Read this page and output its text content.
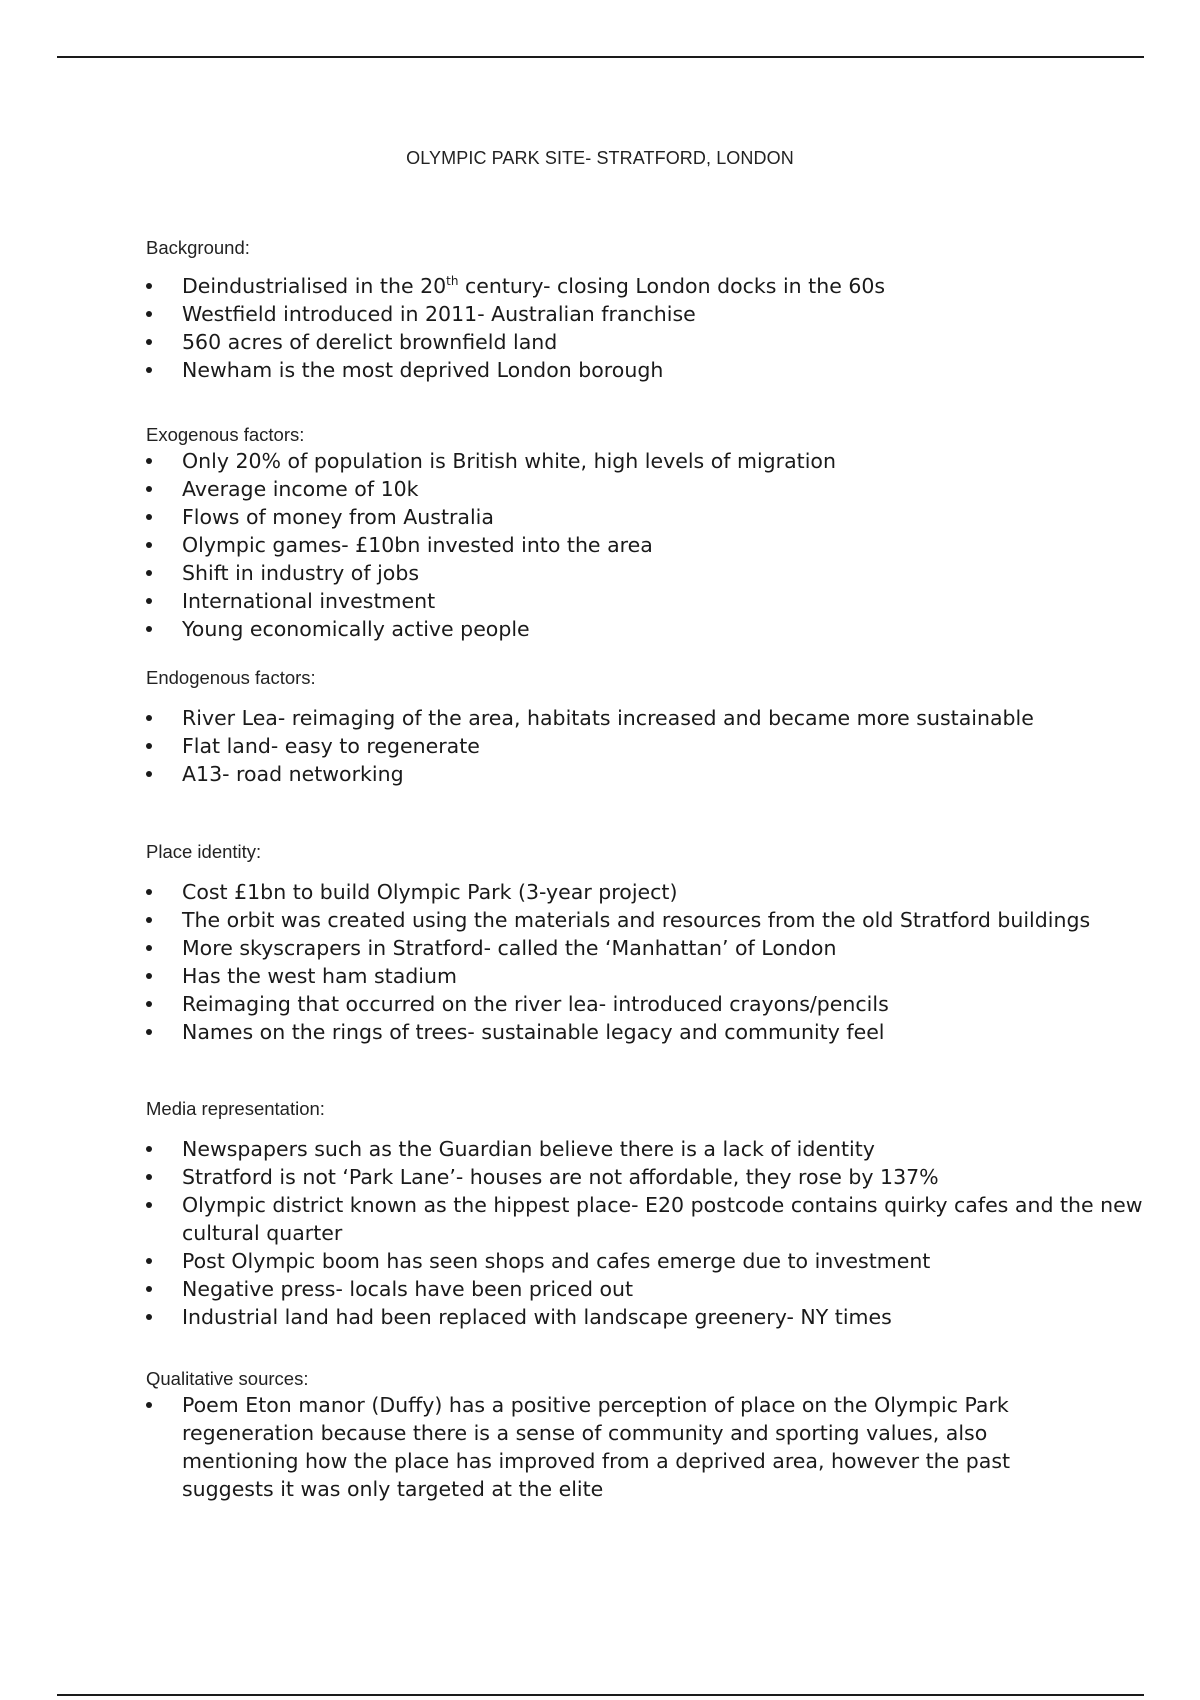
OLYMPIC PARK SITE- STRATFORD, LONDON

Background:

Deindustrialised in the 20th century- closing London docks in the 60s
Westfield introduced in 2011- Australian franchise
560 acres of derelict brownfield land
Newham is the most deprived London borough

Exogenous factors:

Only 20% of population is British white, high levels of migration
Average income of 10k
Flows of money from Australia
Olympic games- £10bn invested into the area
Shift in industry of jobs
International investment
Young economically active people

Endogenous factors:

River Lea- reimaging of the area, habitats increased and became more sustainable
Flat land- easy to regenerate
A13- road networking

Place identity:

Cost £1bn to build Olympic Park (3-year project)
The orbit was created using the materials and resources from the old Stratford buildings
More skyscrapers in Stratford- called the ‘Manhattan’ of London
Has the west ham stadium
Reimaging that occurred on the river lea- introduced crayons/pencils
Names on the rings of trees- sustainable legacy and community feel

Media representation:

Newspapers such as the Guardian believe there is a lack of identity
Stratford is not ‘Park Lane’- houses are not affordable, they rose by 137%
Olympic district known as the hippest place- E20 postcode contains quirky cafes and the new cultural quarter
Post Olympic boom has seen shops and cafes emerge due to investment
Negative press- locals have been priced out
Industrial land had been replaced with landscape greenery- NY times

Qualitative sources:

Poem Eton manor (Duffy) has a positive perception of place on the Olympic Park regeneration because there is a sense of community and sporting values, also mentioning how the place has improved from a deprived area, however the past suggests it was only targeted at the elite
